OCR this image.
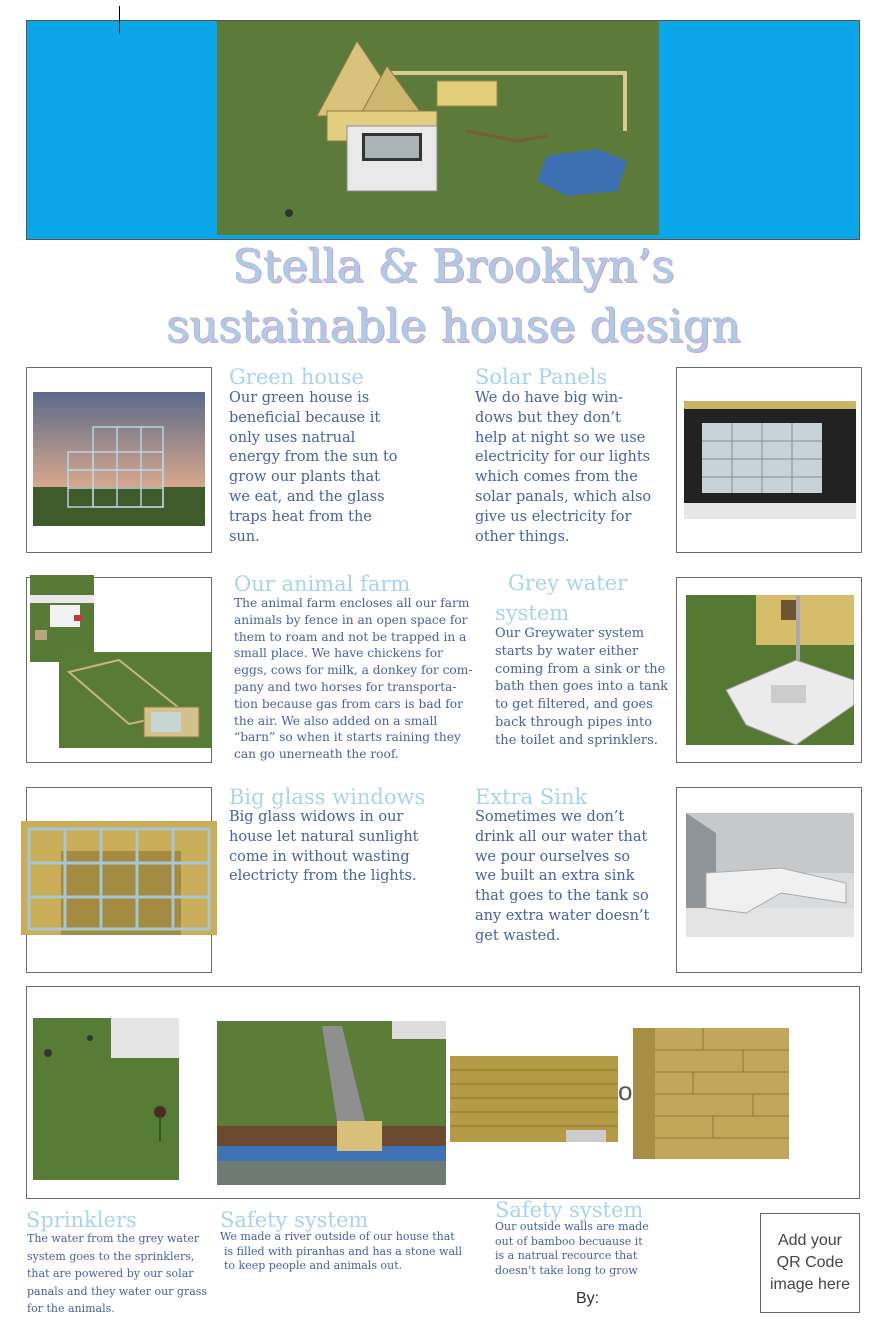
Stella & Brooklyn’s
sustainable house design
Green house
Our green house is
beneficial because it
only uses natrual
energy from the sun to
grow our plants that
we eat, and the glass
traps heat from the
sun.
Solar Panels
We do have big win-
dows but they don’t
help at night so we use
electricity for our lights
which comes from the
solar panals, which also
give us electricity for
other things.
Our animal farm
The animal farm encloses all our farm
animals by fence in an open space for
them to roam and not be trapped in a
small place. We have chickens for
eggs, cows for milk, a donkey for com-
pany and two horses for transporta-
tion because gas from cars is bad for
the air. We also added on a small
“barn” so when it starts raining they
can go unerneath the roof.
Grey water
system
Our Greywater system
starts by water either
coming from a sink or the
bath then goes into a tank
to get filtered, and goes
back through pipes into
the toilet and sprinklers.
Big glass windows
Big glass widows in our
house let natural sunlight
come in without wasting
electricty from the lights.
Extra Sink
Sometimes we don’t
drink all our water that
we pour ourselves so
we built an extra sink
that goes to the tank so
any extra water doesn’t
get wasted.
o
Sprinklers
The water from the grey water
system goes to the sprinklers,
that are powered by our solar
panals and they water our grass
for the animals.
Safety system
We made a river outside of our house that
is filled with piranhas and has a stone wall
to keep people and animals out.
Safety system
Our outside walls are made
out of bamboo becuause it
is a natrual recource that
doesn’t take long to grow
By:
Add your
QR Code
image here
